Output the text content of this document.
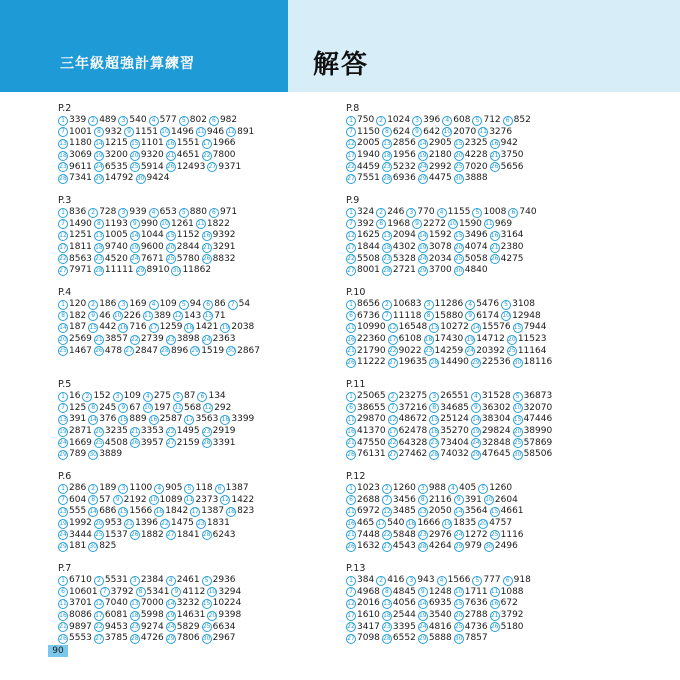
三年級超強計算練習	解答
P.2
1 339 2 489 3 540 4 577 5 802 6 982
7 1001 8 932 9 1151 10 1496 11 946 12 891
13 1180 14 1215 15 1101 16 1551 17 1966
18 3069 19 3200 20 9320 21 4651 22 7800
23 9611 24 6535 25 5914 26 12493 27 9371
28 7341 29 14792 30 9424
P.3
1 836 2 728 3 939 4 653 5 880 6 971
7 1490 8 1193 9 990 10 1261 11 1822
12 1251 13 1005 14 1044 15 1152 16 9392
17 1811 18 9740 19 9600 20 2844 21 3291
22 8563 23 4520 24 7671 25 5780 26 8832
27 7971 28 11111 29 8910 30 11862
P.4
1 120 2 186 3 169 4 109 5 94 6 86 7 54
8 182 9 46 10 226 11 389 12 143 13 71
14 187 15 442 16 716 17 1259 18 1421 19 2038
20 2569 21 3857 22 2739 23 3898 24 2363
25 1467 26 478 27 2847 28 896 29 1519 30 2867
P.5
1 16 2 152 3 109 4 275 5 87 6 134
7 125 8 245 9 67 10 197 11 568 12 292
13 391 14 376 15 889 16 2587 17 3563 18 3399
19 2871 20 3235 21 3353 22 1495 23 2919
24 1669 25 4508 26 3957 27 2159 28 3391
29 789 30 3889
P.6
1 286 2 189 3 1100 4 905 5 118 6 1387
7 604 8 57 9 2192 10 1089 11 2373 12 1422
13 555 14 686 15 1566 16 1842 17 1387 18 823
19 1992 20 953 21 1396 22 1475 23 1831
24 3444 25 1537 26 1882 27 1841 28 6243
29 181 30 825
P.7
1 6710 2 5531 3 2384 4 2461 5 2936
6 10601 7 3792 8 5341 9 4112 10 3294
11 3701 12 7040 13 7000 14 3232 15 10224
16 8086 17 6081 18 5998 19 14631 20 9398
21 9897 22 9453 23 9274 24 5829 25 6634
26 5553 27 3785 28 4726 29 7806 30 2967
P.8
1 750 2 1024 3 396 4 608 5 712 6 852
7 1150 8 624 9 642 10 2070 11 3276
12 2005 13 2856 14 2905 15 2325 16 942
17 1940 18 1956 19 2180 20 4228 21 3750
22 4459 23 5232 24 2992 25 7020 26 5656
27 7551 28 6936 29 4475 30 3888
P.9
1 324 2 246 3 770 4 1155 5 1008 6 740
7 392 8 1968 9 2272 10 1590 11 969
12 1625 13 2094 14 1592 15 3496 16 3164
17 1844 18 4302 19 3078 20 4074 21 2380
22 5508 23 5328 24 2034 25 5058 26 4275
27 8001 28 2721 29 3700 30 4840
P.10
1 8656 2 10683 3 11286 4 5476 5 3108
6 6736 7 11118 8 15880 9 6174 10 12948
11 10990 12 16548 13 10272 14 15576 15 7944
16 22360 17 6108 18 17430 19 14712 20 11523
21 21790 22 9022 23 14259 24 20392 25 11164
26 11222 27 19635 28 14490 29 22536 30 18116
P.11
1 25065 2 23275 3 26551 4 31528 5 36873
6 38655 7 37216 8 34685 9 36302 10 32070
11 29870 12 48672 13 25124 14 38304 15 47446
16 41370 17 62478 18 35270 19 29824 20 38990
21 47550 22 64328 23 73404 24 32848 25 57869
26 76131 27 27462 28 74032 29 47645 30 58506
P.12
1 1023 2 1260 3 988 4 405 5 1260
6 2688 7 3456 8 2116 9 391 10 2604
11 6972 12 3485 13 2050 14 3564 15 4661
16 465 17 540 18 1666 19 1835 20 4757
21 7448 22 5848 23 2976 24 1272 25 1116
26 1632 27 4543 28 4264 29 979 30 2496
P.13
1 384 2 416 3 943 4 1566 5 777 6 918
7 4968 8 4845 9 1248 10 1711 11 1088
12 2016 13 4056 14 6935 15 7636 16 672
17 1610 18 2544 19 3540 20 2788 21 3792
22 3417 23 3395 24 4816 25 4736 26 5180
27 7098 28 6552 29 5888 30 7857
90
